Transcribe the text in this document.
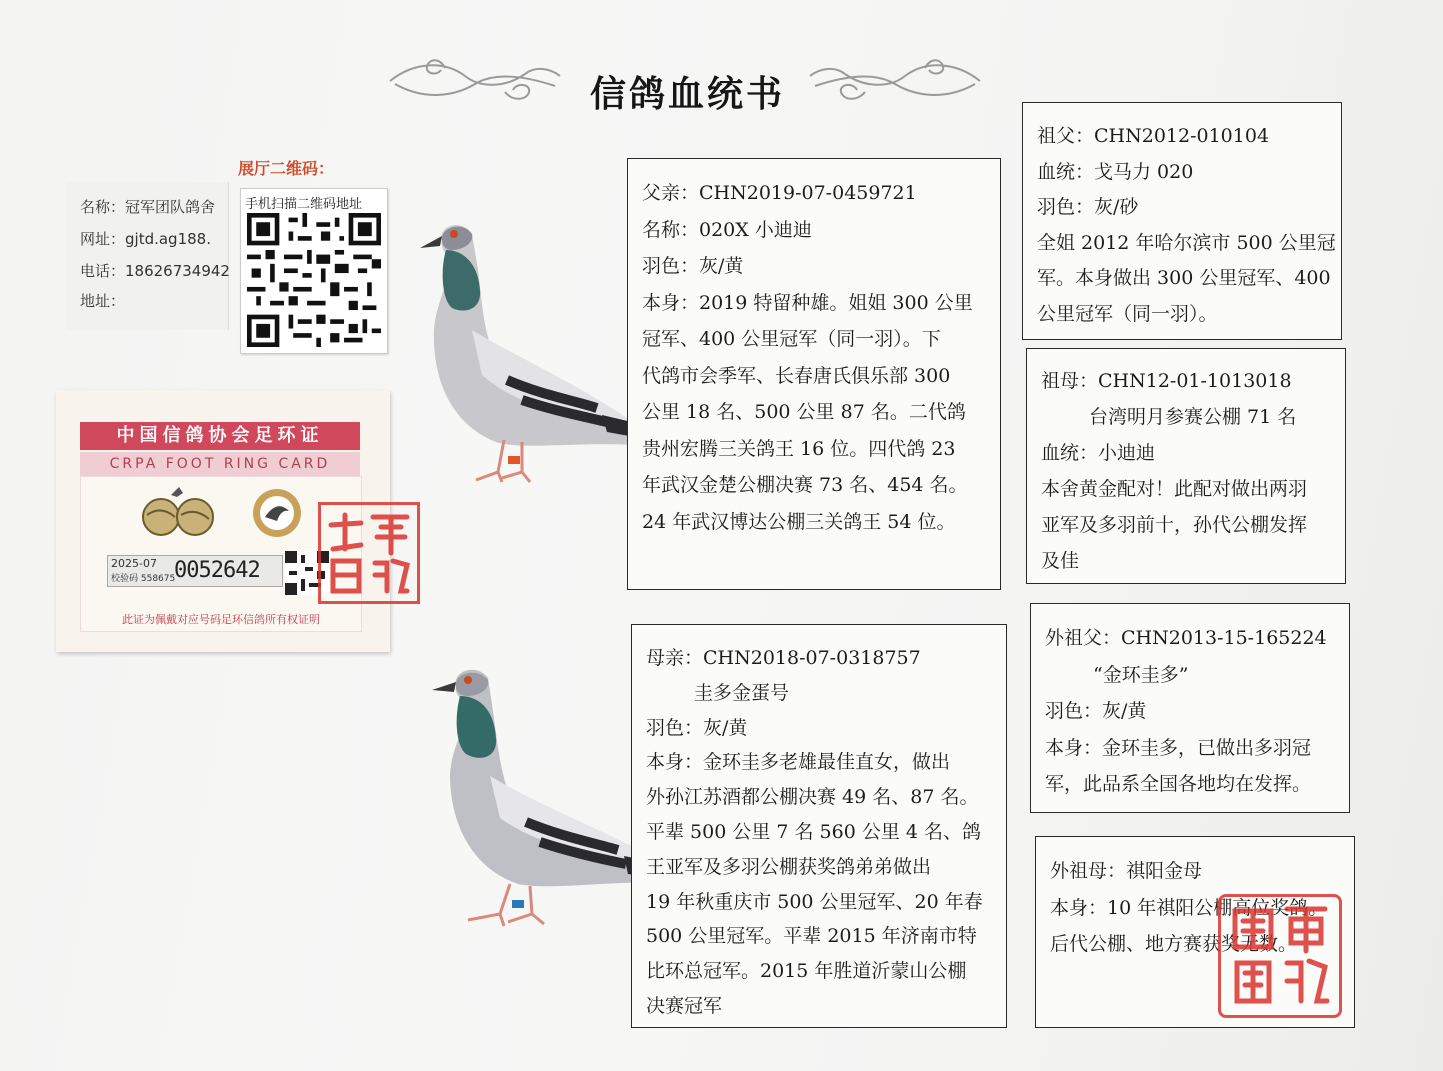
信鸽血统书
名称：冠军团队鸽舍
网址：gjtd.ag188.
电话：18626734942
地址：
展厅二维码：
手机扫描二维码地址
中国信鸽协会足环证
CRPA FOOT RING CARD
2025-07
校验码 558675
0052642
此证为佩戴对应号码足环信鸽所有权证明
父亲：CHN2019-07-0459721
名称：020X 小迪迪
羽色：灰/黄
本身：2019 特留种雄。姐姐 300 公里
冠军、400 公里冠军（同一羽）。下
代鸽市会季军、长春唐氏俱乐部 300
公里 18 名、500 公里 87 名。二代鸽
贵州宏腾三关鸽王 16 位。四代鸽 23
年武汉金楚公棚决赛 73 名、454 名。
24 年武汉博达公棚三关鸽王 54 位。
母亲：CHN2018-07-0318757
圭多金蛋号
羽色：灰/黄
本身：金环圭多老雄最佳直女，做出
外孙江苏酒都公棚决赛 49 名、87 名。
平辈 500 公里 7 名 560 公里 4 名、鸽
王亚军及多羽公棚获奖鸽弟弟做出
19 年秋重庆市 500 公里冠军、20 年春
500 公里冠军。平辈 2015 年济南市特
比环总冠军。2015 年胜道沂蒙山公棚
决赛冠军
祖父：CHN2012-010104
血统：戈马力 020
羽色：灰/砂
全姐 2012 年哈尔滨市 500 公里冠
军。本身做出 300 公里冠军、400
公里冠军（同一羽）。
祖母：CHN12-01-1013018
台湾明月参赛公棚 71 名
血统：小迪迪
本舍黄金配对！此配对做出两羽
亚军及多羽前十，孙代公棚发挥
及佳
外祖父：CHN2013-15-165224
“金环圭多”
羽色：灰/黄
本身：金环圭多，已做出多羽冠
军，此品系全国各地均在发挥。
外祖母：祺阳金母
本身：10 年祺阳公棚高位奖鸽。
后代公棚、地方赛获奖无数。
